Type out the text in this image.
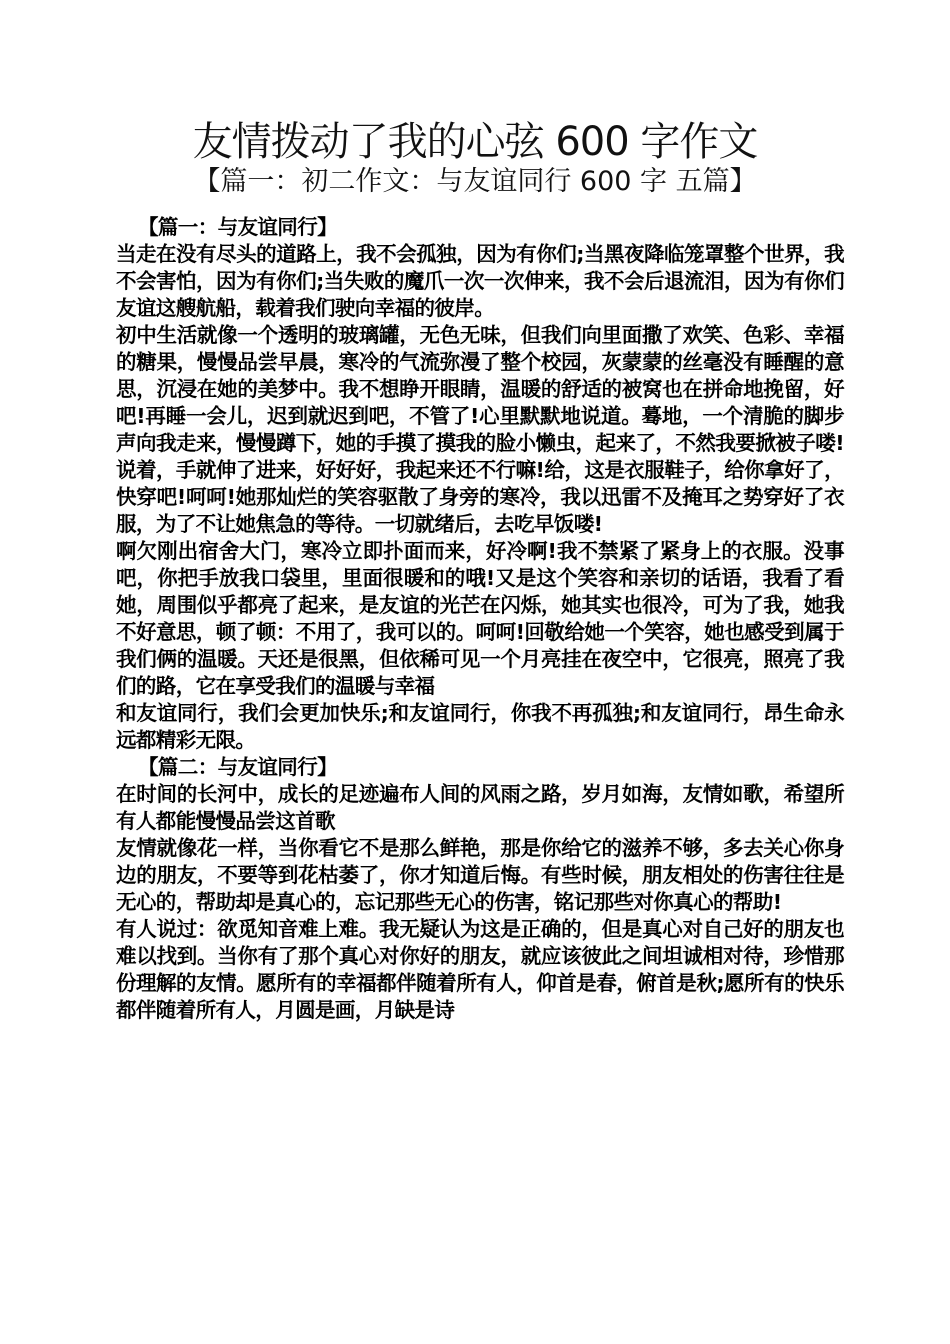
友情拨动了我的心弦 600 字作文
【篇一：初二作文：与友谊同行 600 字 五篇】

【篇一：与友谊同行】

当走在没有尽头的道路上，我不会孤独，因为有你们;当黑夜降临笼罩整个世界，我不会害怕，因为有你们;当失败的魔爪一次一次伸来，我不会后退流泪，因为有你们友谊这艘航船，载着我们驶向幸福的彼岸。

初中生活就像一个透明的玻璃罐，无色无味，但我们向里面撒了欢笑、色彩、幸福的糖果，慢慢品尝早晨，寒冷的气流弥漫了整个校园，灰蒙蒙的丝毫没有睡醒的意思，沉浸在她的美梦中。我不想睁开眼睛，温暖的舒适的被窝也在拼命地挽留，好吧!再睡一会儿，迟到就迟到吧，不管了!心里默默地说道。蓦地，一个清脆的脚步声向我走来，慢慢蹲下，她的手摸了摸我的脸小懒虫，起来了，不然我要掀被子喽!说着，手就伸了进来，好好好，我起来还不行嘛!给，这是衣服鞋子，给你拿好了，快穿吧!呵呵!她那灿烂的笑容驱散了身旁的寒冷，我以迅雷不及掩耳之势穿好了衣服，为了不让她焦急的等待。一切就绪后，去吃早饭喽!

啊欠刚出宿舍大门，寒冷立即扑面而来，好冷啊!我不禁紧了紧身上的衣服。没事吧，你把手放我口袋里，里面很暖和的哦!又是这个笑容和亲切的话语，我看了看她，周围似乎都亮了起来，是友谊的光芒在闪烁，她其实也很冷，可为了我，她我不好意思，顿了顿：不用了，我可以的。呵呵!回敬给她一个笑容，她也感受到属于我们俩的温暖。天还是很黑，但依稀可见一个月亮挂在夜空中，它很亮，照亮了我们的路，它在享受我们的温暖与幸福

和友谊同行，我们会更加快乐;和友谊同行，你我不再孤独;和友谊同行，昂生命永远都精彩无限。

【篇二：与友谊同行】

在时间的长河中，成长的足迹遍布人间的风雨之路，岁月如海，友情如歌，希望所有人都能慢慢品尝这首歌

友情就像花一样，当你看它不是那么鲜艳，那是你给它的滋养不够，多去关心你身边的朋友，不要等到花枯萎了，你才知道后悔。有些时候，朋友相处的伤害往往是无心的，帮助却是真心的，忘记那些无心的伤害，铭记那些对你真心的帮助!

有人说过：欲觅知音难上难。我无疑认为这是正确的，但是真心对自己好的朋友也难以找到。当你有了那个真心对你好的朋友，就应该彼此之间坦诚相对待，珍惜那份理解的友情。愿所有的幸福都伴随着所有人，仰首是春，俯首是秋;愿所有的快乐都伴随着所有人，月圆是画，月缺是诗
